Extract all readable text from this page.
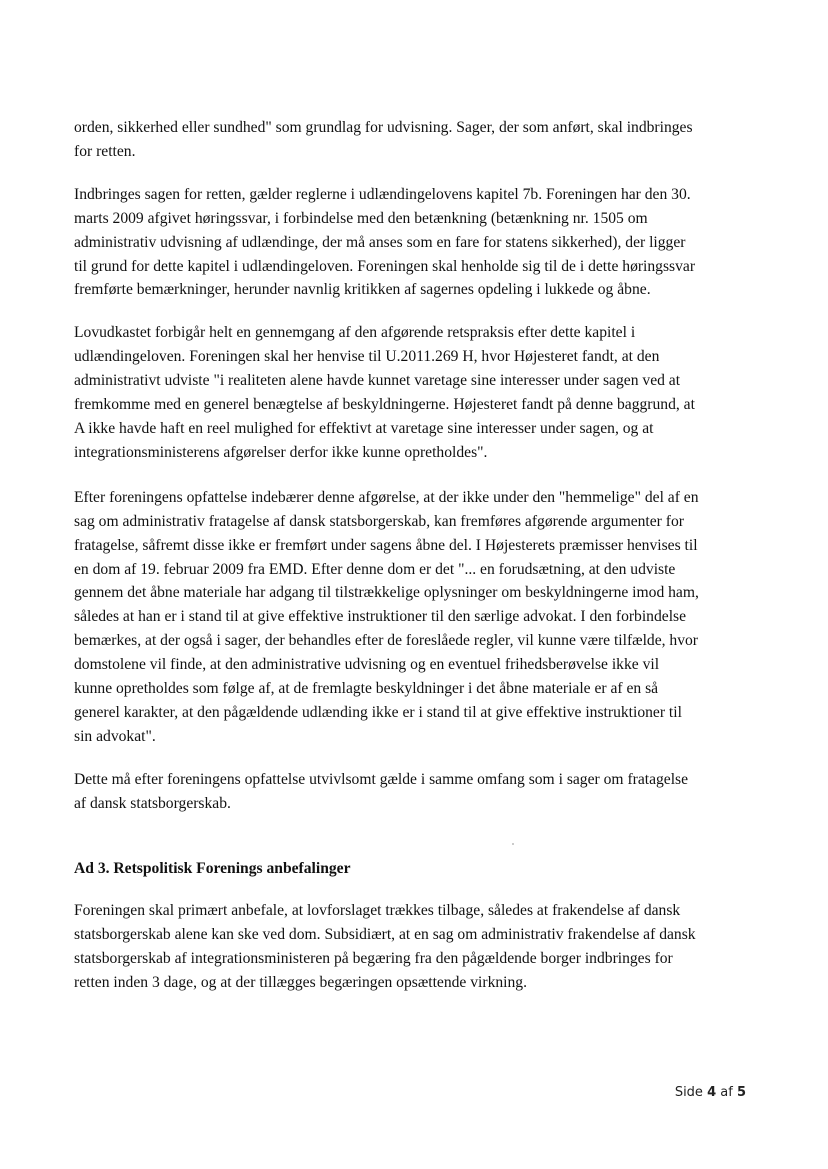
orden, sikkerhed eller sundhed" som grundlag for udvisning. Sager, der som anført, skal indbringes
for retten.

Indbringes sagen for retten, gælder reglerne i udlændingelovens kapitel 7b. Foreningen har den 30.
marts 2009 afgivet høringssvar, i forbindelse med den betænkning (betænkning nr. 1505 om
administrativ udvisning af udlændinge, der må anses som en fare for statens sikkerhed), der ligger
til grund for dette kapitel i udlændingeloven. Foreningen skal henholde sig til de i dette høringssvar
fremførte bemærkninger, herunder navnlig kritikken af sagernes opdeling i lukkede og åbne.

Lovudkastet forbigår helt en gennemgang af den afgørende retspraksis efter dette kapitel i
udlændingeloven. Foreningen skal her henvise til U.2011.269 H, hvor Højesteret fandt, at den
administrativt udviste "i realiteten alene havde kunnet varetage sine interesser under sagen ved at
fremkomme med en generel benægtelse af beskyldningerne. Højesteret fandt på denne baggrund, at
A ikke havde haft en reel mulighed for effektivt at varetage sine interesser under sagen, og at
integrationsministerens afgørelser derfor ikke kunne opretholdes".

Efter foreningens opfattelse indebærer denne afgørelse, at der ikke under den "hemmelige" del af en
sag om administrativ fratagelse af dansk statsborgerskab, kan fremføres afgørende argumenter for
fratagelse, såfremt disse ikke er fremført under sagens åbne del. I Højesterets præmisser henvises til
en dom af 19. februar 2009 fra EMD. Efter denne dom er det "... en forudsætning, at den udviste
gennem det åbne materiale har adgang til tilstrækkelige oplysninger om beskyldningerne imod ham,
således at han er i stand til at give effektive instruktioner til den særlige advokat. I den forbindelse
bemærkes, at der også i sager, der behandles efter de foreslåede regler, vil kunne være tilfælde, hvor
domstolene vil finde, at den administrative udvisning og en eventuel frihedsberøvelse ikke vil
kunne opretholdes som følge af, at de fremlagte beskyldninger i det åbne materiale er af en så
generel karakter, at den pågældende udlænding ikke er i stand til at give effektive instruktioner til
sin advokat".

Dette må efter foreningens opfattelse utvivlsomt gælde i samme omfang som i sager om fratagelse
af dansk statsborgerskab.

Ad 3. Retspolitisk Forenings anbefalinger

Foreningen skal primært anbefale, at lovforslaget trækkes tilbage, således at frakendelse af dansk
statsborgerskab alene kan ske ved dom. Subsidiært, at en sag om administrativ frakendelse af dansk
statsborgerskab af integrationsministeren på begæring fra den pågældende borger indbringes for
retten inden 3 dage, og at der tillægges begæringen opsættende virkning.

Side 4 af 5
